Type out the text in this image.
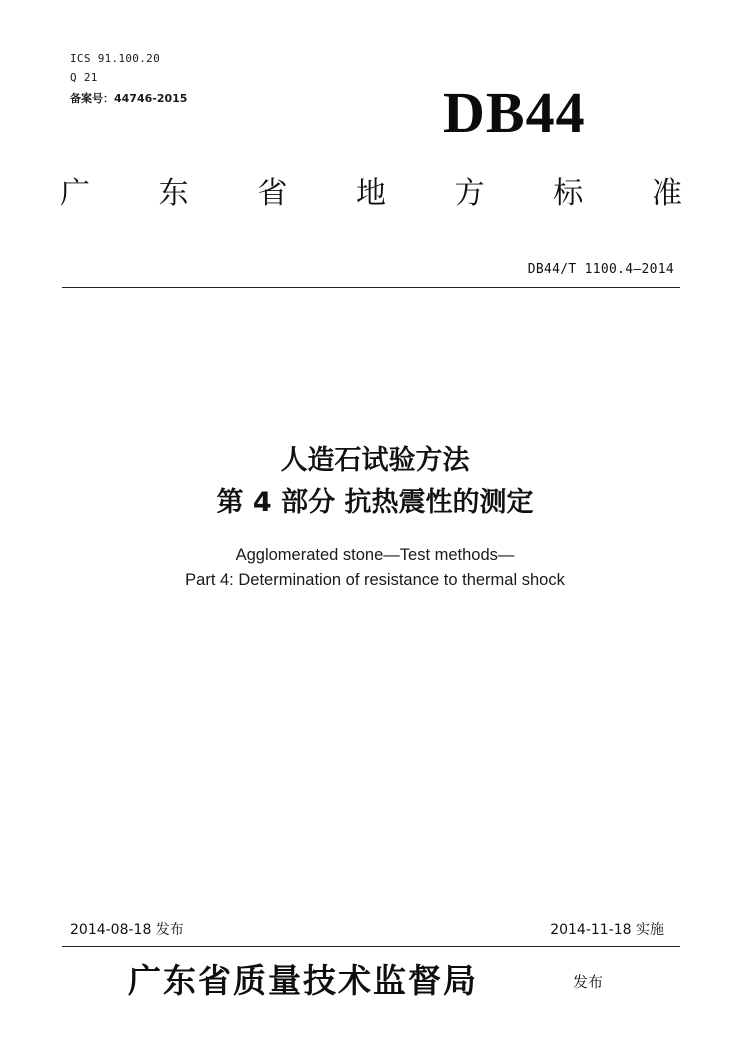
ICS 91.100.20
Q 21
备案号：44746-2015	DB44
广 东 省 地 方 标 准
DB44/T 1100.4—2014
人造石试验方法
第 4 部分 抗热震性的测定
Agglomerated stone—Test methods—
Part 4: Determination of resistance to thermal shock
2014-08-18 发布	2014-11-18 实施
广东省质量技术监督局	发布
